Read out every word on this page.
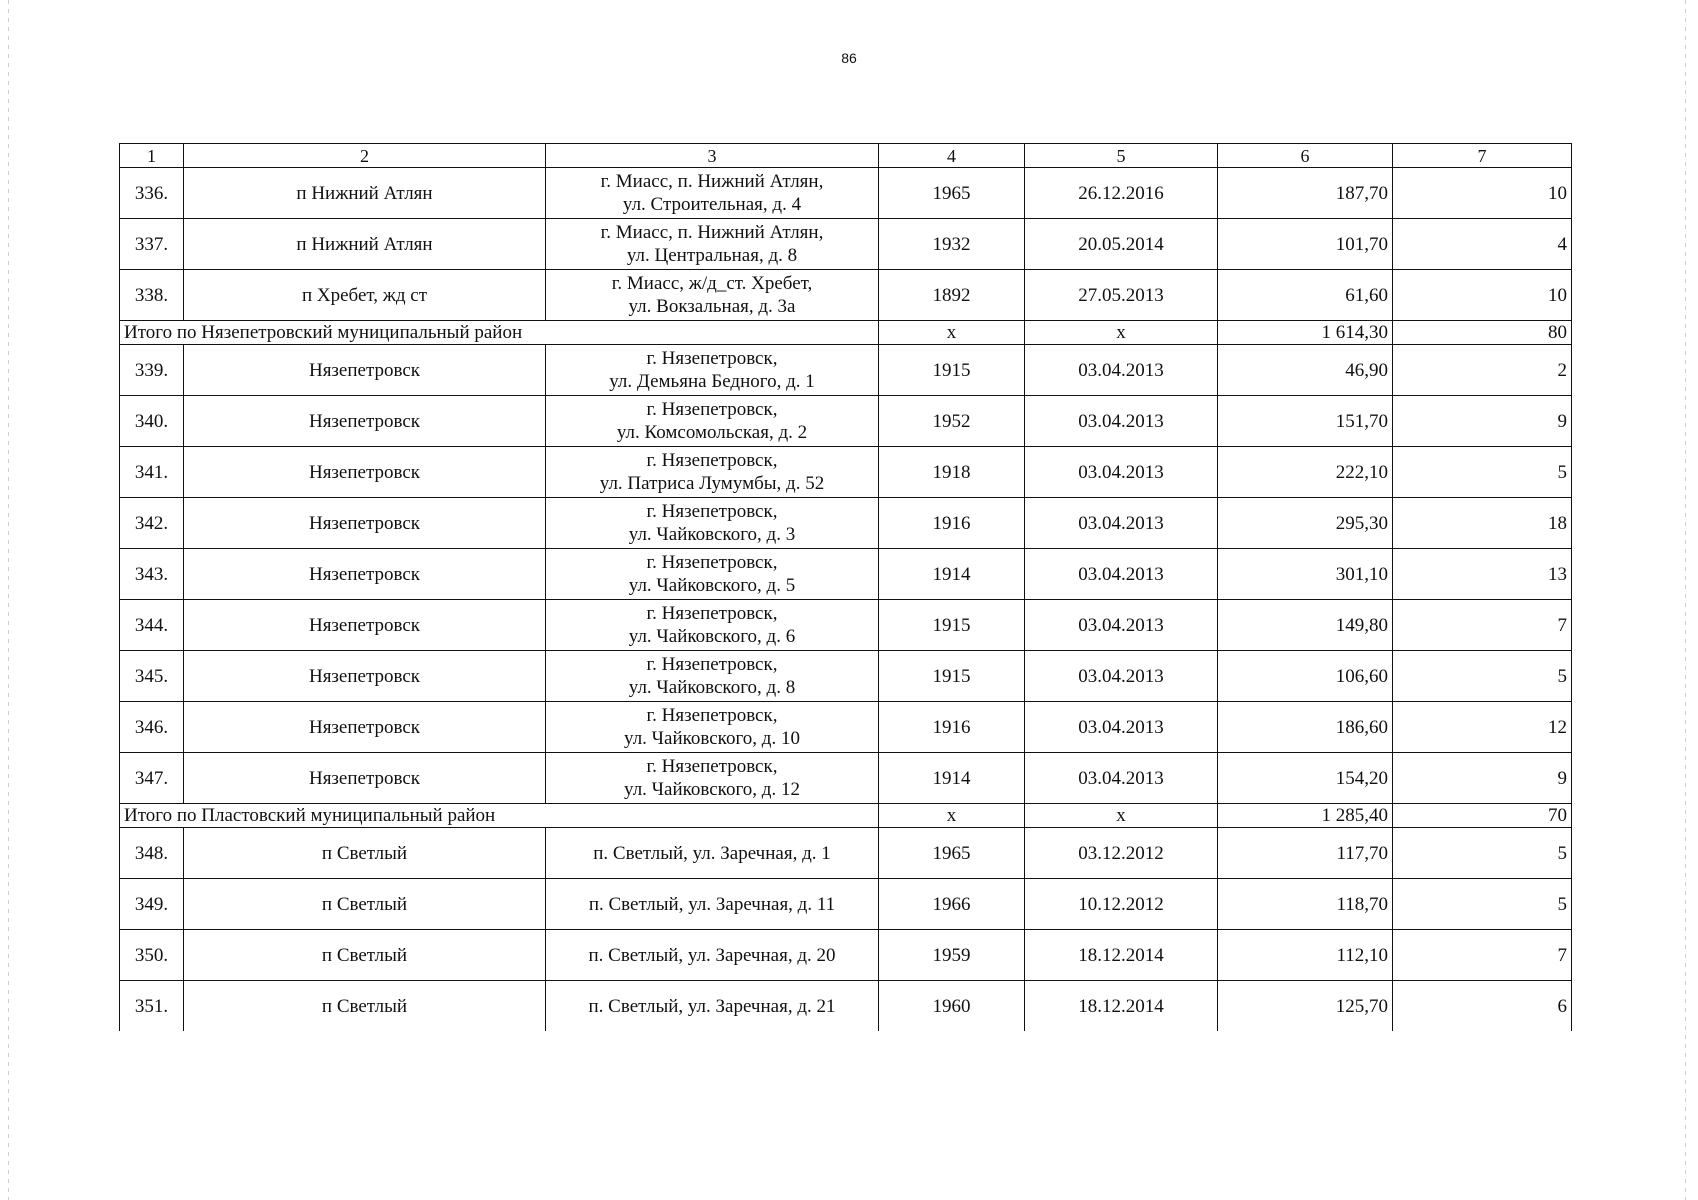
86
1	2	3	4	5	6	7
336.	п Нижний Атлян	г. Миасс, п. Нижний Атлян,
ул. Строительная, д. 4	1965	26.12.2016	187,70	10
337.	п Нижний Атлян	г. Миасс, п. Нижний Атлян,
ул. Центральная, д. 8	1932	20.05.2014	101,70	4
338.	п Хребет, жд ст	г. Миасс, ж/д_ст. Хребет,
ул. Вокзальная, д. 3а	1892	27.05.2013	61,60	10
Итого по Нязепетровский муниципальный район			x	x	1 614,30	80
339.	Нязепетровск	г. Нязепетровск,
ул. Демьяна Бедного, д. 1	1915	03.04.2013	46,90	2
340.	Нязепетровск	г. Нязепетровск,
ул. Комсомольская, д. 2	1952	03.04.2013	151,70	9
341.	Нязепетровск	г. Нязепетровск,
ул. Патриса Лумумбы, д. 52	1918	03.04.2013	222,10	5
342.	Нязепетровск	г. Нязепетровск,
ул. Чайковского, д. 3	1916	03.04.2013	295,30	18
343.	Нязепетровск	г. Нязепетровск,
ул. Чайковского, д. 5	1914	03.04.2013	301,10	13
344.	Нязепетровск	г. Нязепетровск,
ул. Чайковского, д. 6	1915	03.04.2013	149,80	7
345.	Нязепетровск	г. Нязепетровск,
ул. Чайковского, д. 8	1915	03.04.2013	106,60	5
346.	Нязепетровск	г. Нязепетровск,
ул. Чайковского, д. 10	1916	03.04.2013	186,60	12
347.	Нязепетровск	г. Нязепетровск,
ул. Чайковского, д. 12	1914	03.04.2013	154,20	9
Итого по Пластовский муниципальный район			x	x	1 285,40	70
348.	п Светлый	п. Светлый, ул. Заречная, д. 1	1965	03.12.2012	117,70	5
349.	п Светлый	п. Светлый, ул. Заречная, д. 11	1966	10.12.2012	118,70	5
350.	п Светлый	п. Светлый, ул. Заречная, д. 20	1959	18.12.2014	112,10	7
351.	п Светлый	п. Светлый, ул. Заречная, д. 21	1960	18.12.2014	125,70	6
